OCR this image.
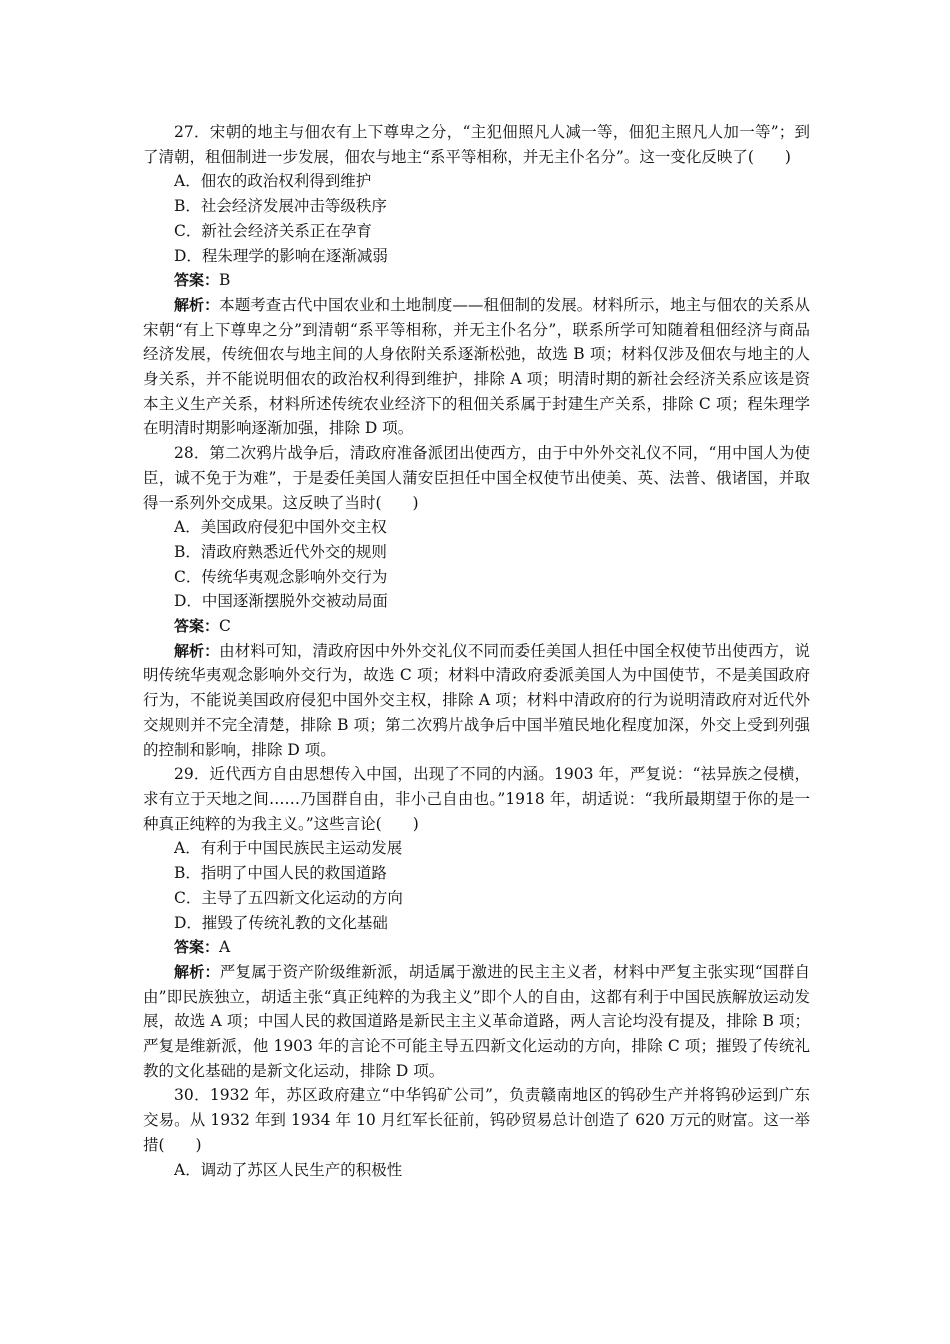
27．宋朝的地主与佃农有上下尊卑之分，“主犯佃照凡人减一等，佃犯主照凡人加一等”；到了清朝，租佃制进一步发展，佃农与地主“系平等相称，并无主仆名分”。这一变化反映了(　　)

A．佃农的政治权利得到维护

B．社会经济发展冲击等级秩序

C．新社会经济关系正在孕育

D．程朱理学的影响在逐渐减弱

答案：B

解析：本题考查古代中国农业和土地制度——租佃制的发展。材料所示，地主与佃农的关系从宋朝“有上下尊卑之分”到清朝“系平等相称，并无主仆名分”，联系所学可知随着租佃经济与商品经济发展，传统佃农与地主间的人身依附关系逐渐松弛，故选 B 项；材料仅涉及佃农与地主的人身关系，并不能说明佃农的政治权利得到维护，排除 A 项；明清时期的新社会经济关系应该是资本主义生产关系，材料所述传统农业经济下的租佃关系属于封建生产关系，排除 C 项；程朱理学在明清时期影响逐渐加强，排除 D 项。

28．第二次鸦片战争后，清政府准备派团出使西方，由于中外外交礼仪不同，“用中国人为使臣，诚不免于为难”，于是委任美国人蒲安臣担任中国全权使节出使美、英、法普、俄诸国，并取得一系列外交成果。这反映了当时(　　)

A．美国政府侵犯中国外交主权

B．清政府熟悉近代外交的规则

C．传统华夷观念影响外交行为

D．中国逐渐摆脱外交被动局面

答案：C

解析：由材料可知，清政府因中外外交礼仪不同而委任美国人担任中国全权使节出使西方，说明传统华夷观念影响外交行为，故选 C 项；材料中清政府委派美国人为中国使节，不是美国政府行为，不能说美国政府侵犯中国外交主权，排除 A 项；材料中清政府的行为说明清政府对近代外交规则并不完全清楚，排除 B 项；第二次鸦片战争后中国半殖民地化程度加深，外交上受到列强的控制和影响，排除 D 项。

29．近代西方自由思想传入中国，出现了不同的内涵。1903 年，严复说：“祛异族之侵横，求有立于天地之间……乃国群自由，非小己自由也。”1918 年，胡适说：“我所最期望于你的是一种真正纯粹的为我主义。”这些言论(　　)

A．有利于中国民族民主运动发展

B．指明了中国人民的救国道路

C．主导了五四新文化运动的方向

D．摧毁了传统礼教的文化基础

答案：A

解析：严复属于资产阶级维新派，胡适属于激进的民主主义者，材料中严复主张实现“国群自由”即民族独立，胡适主张“真正纯粹的为我主义”即个人的自由，这都有利于中国民族解放运动发展，故选 A 项；中国人民的救国道路是新民主主义革命道路，两人言论均没有提及，排除 B 项；严复是维新派，他 1903 年的言论不可能主导五四新文化运动的方向，排除 C 项；摧毁了传统礼教的文化基础的是新文化运动，排除 D 项。

30．1932 年，苏区政府建立“中华钨矿公司”，负责赣南地区的钨砂生产并将钨砂运到广东交易。从 1932 年到 1934 年 10 月红军长征前，钨砂贸易总计创造了 620 万元的财富。这一举措(　　)

A．调动了苏区人民生产的积极性
